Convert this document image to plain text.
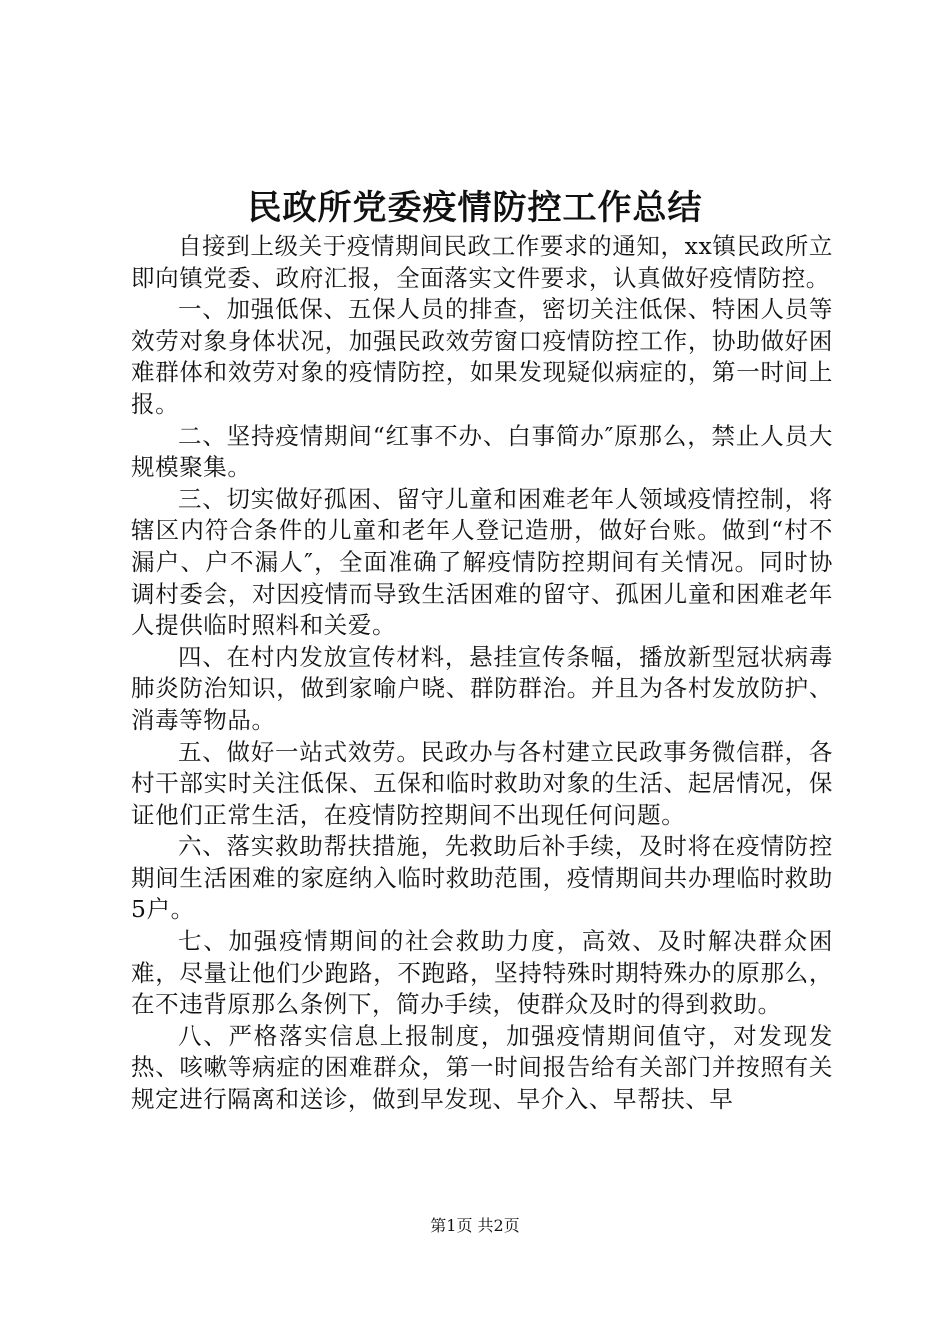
民政所党委疫情防控工作总结

自接到上级关于疫情期间民政工作要求的通知，xx镇民政所立即向镇党委、政府汇报，全面落实文件要求，认真做好疫情防控。

一、加强低保、五保人员的排查，密切关注低保、特困人员等效劳对象身体状况，加强民政效劳窗口疫情防控工作，协助做好困难群体和效劳对象的疫情防控，如果发现疑似病症的，第一时间上报。

二、坚持疫情期间“红事不办、白事简办″原那么，禁止人员大规模聚集。

三、切实做好孤困、留守儿童和困难老年人领域疫情控制，将辖区内符合条件的儿童和老年人登记造册，做好台账。做到“村不漏户、户不漏人″，全面准确了解疫情防控期间有关情况。同时协调村委会，对因疫情而导致生活困难的留守、孤困儿童和困难老年人提供临时照料和关爱。

四、在村内发放宣传材料，悬挂宣传条幅，播放新型冠状病毒肺炎防治知识，做到家喻户晓、群防群治。并且为各村发放防护、消毒等物品。

五、做好一站式效劳。民政办与各村建立民政事务微信群，各村干部实时关注低保、五保和临时救助对象的生活、起居情况，保证他们正常生活，在疫情防控期间不出现任何问题。

六、落实救助帮扶措施，先救助后补手续，及时将在疫情防控期间生活困难的家庭纳入临时救助范围，疫情期间共办理临时救助5户。

七、加强疫情期间的社会救助力度，高效、及时解决群众困难，尽量让他们少跑路，不跑路，坚持特殊时期特殊办的原那么，在不违背原那么条例下，简办手续，使群众及时的得到救助。

八、严格落实信息上报制度，加强疫情期间值守，对发现发热、咳嗽等病症的困难群众，第一时间报告给有关部门并按照有关规定进行隔离和送诊，做到早发现、早介入、早帮扶、早

第1页 共2页
